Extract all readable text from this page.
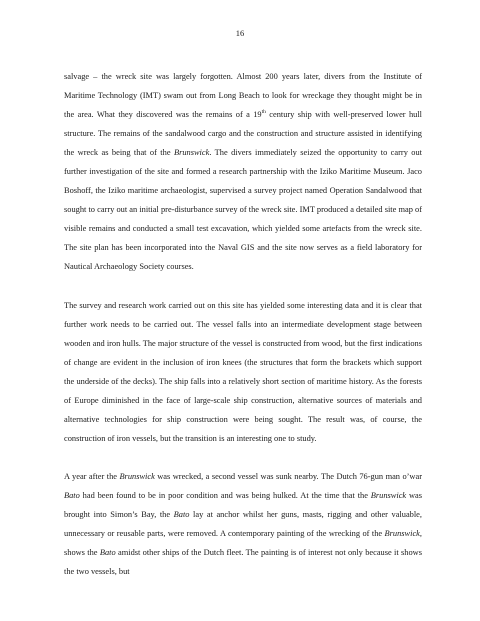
16

salvage – the wreck site was largely forgotten. Almost 200 years later, divers from the Institute of Maritime Technology (IMT) swam out from Long Beach to look for wreckage they thought might be in the area. What they discovered was the remains of a 19th century ship with well-preserved lower hull structure. The remains of the sandalwood cargo and the construction and structure assisted in identifying the wreck as being that of the Brunswick. The divers immediately seized the opportunity to carry out further investigation of the site and formed a research partnership with the Iziko Maritime Museum. Jaco Boshoff, the Iziko maritime archaeologist, supervised a survey project named Operation Sandalwood that sought to carry out an initial pre-disturbance survey of the wreck site. IMT produced a detailed site map of visible remains and conducted a small test excavation, which yielded some artefacts from the wreck site. The site plan has been incorporated into the Naval GIS and the site now serves as a field laboratory for Nautical Archaeology Society courses.

The survey and research work carried out on this site has yielded some interesting data and it is clear that further work needs to be carried out. The vessel falls into an intermediate development stage between wooden and iron hulls. The major structure of the vessel is constructed from wood, but the first indications of change are evident in the inclusion of iron knees (the structures that form the brackets which support the underside of the decks). The ship falls into a relatively short section of maritime history. As the forests of Europe diminished in the face of large-scale ship construction, alternative sources of materials and alternative technologies for ship construction were being sought. The result was, of course, the construction of iron vessels, but the transition is an interesting one to study.

A year after the Brunswick was wrecked, a second vessel was sunk nearby. The Dutch 76-gun man o’war Bato had been found to be in poor condition and was being hulked. At the time that the Brunswick was brought into Simon’s Bay, the Bato lay at anchor whilst her guns, masts, rigging and other valuable, unnecessary or reusable parts, were removed. A contemporary painting of the wrecking of the Brunswick, shows the Bato amidst other ships of the Dutch fleet. The painting is of interest not only because it shows the two vessels, but
